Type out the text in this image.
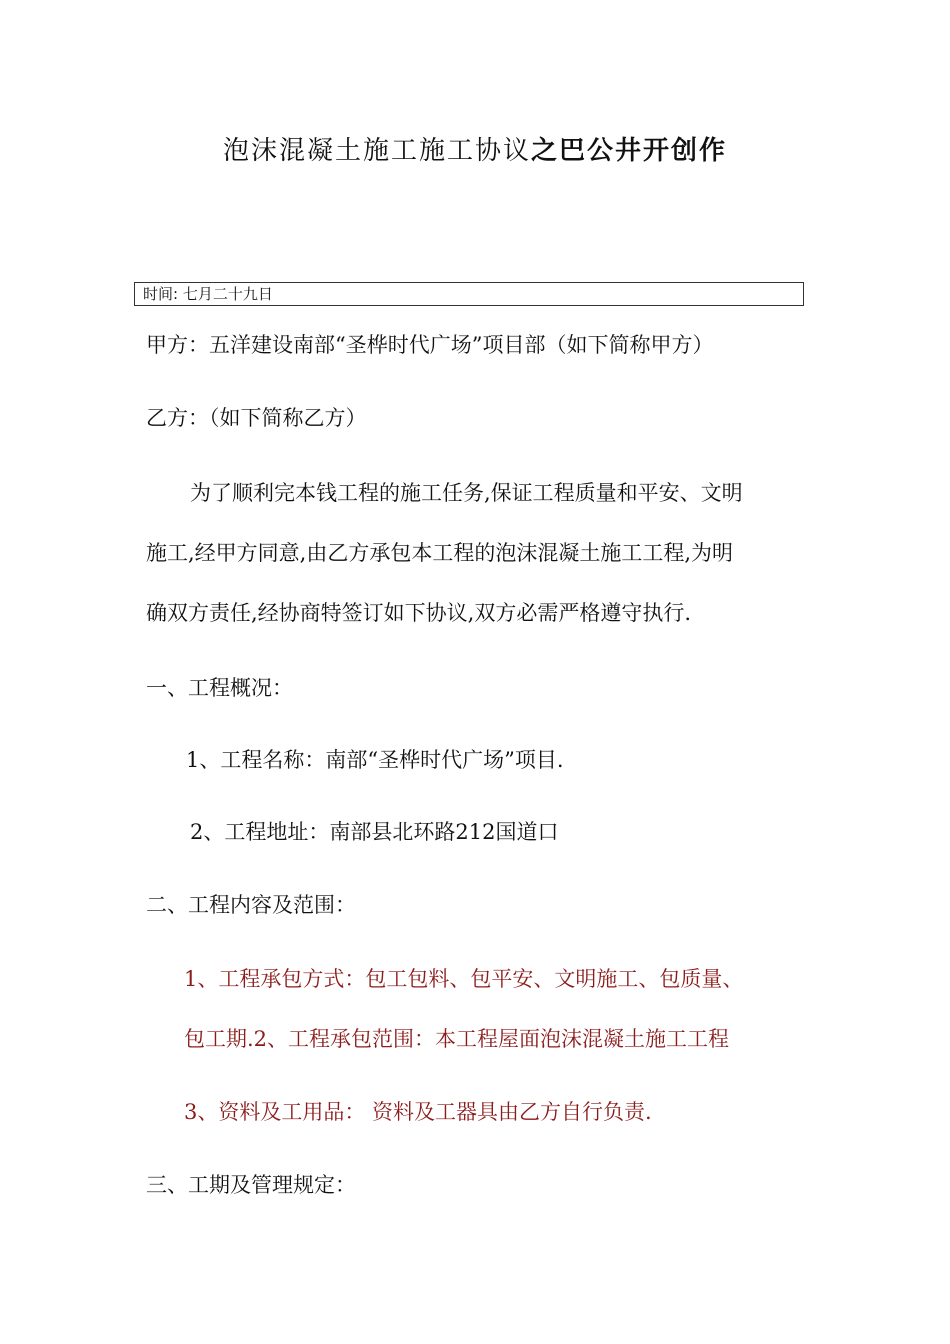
泡沫混凝土施工施工协议之巴公井开创作
时间: 七月二十九日
甲方：五洋建设南部“圣桦时代广场”项目部（如下简称甲方）
乙方：（如下简称乙方）
为了顺利完本钱工程的施工任务,保证工程质量和平安、文明
施工,经甲方同意,由乙方承包本工程的泡沫混凝土施工工程,为明
确双方责任,经协商特签订如下协议,双方必需严格遵守执行.
一、工程概况：
1、工程名称：南部“圣桦时代广场”项目.
2、工程地址：南部县北环路212国道口
二、工程内容及范围：
1、工程承包方式：包工包料、包平安、文明施工、包质量、
包工期.2、工程承包范围：本工程屋面泡沫混凝土施工工程
3、资料及工用品： 资料及工器具由乙方自行负责.
三、工期及管理规定：
